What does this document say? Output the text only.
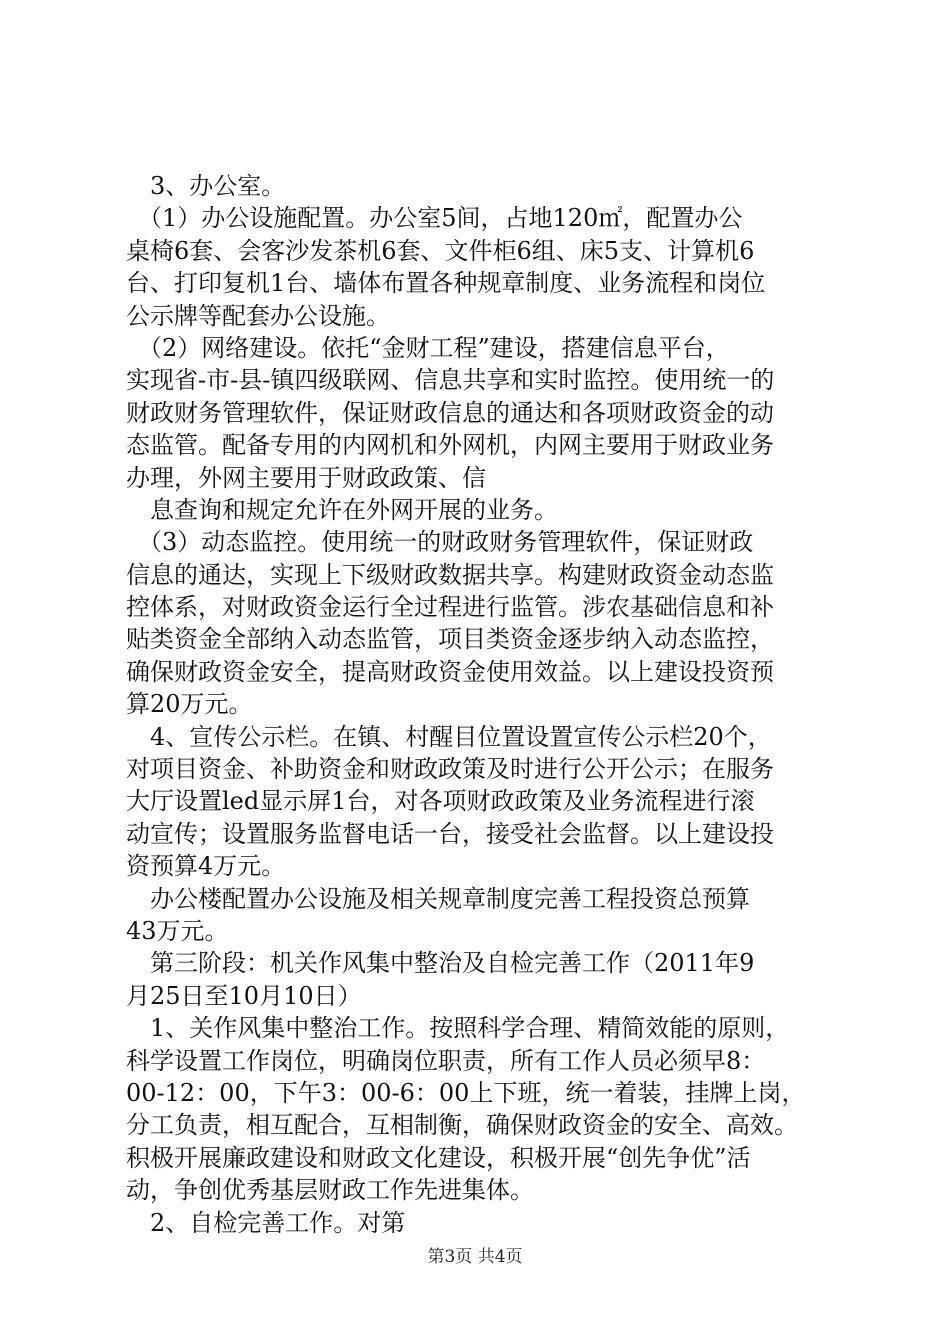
　3、办公室。
　（1）办公设施配置。办公室5间，占地120㎡，配置办公
桌椅6套、会客沙发茶机6套、文件柜6组、床5支、计算机6
台、打印复机1台、墙体布置各种规章制度、业务流程和岗位
公示牌等配套办公设施。
　（2）网络建设。依托“金财工程”建设，搭建信息平台，
实现省-市-县-镇四级联网、信息共享和实时监控。使用统一的
财政财务管理软件，保证财政信息的通达和各项财政资金的动
态监管。配备专用的内网机和外网机，内网主要用于财政业务
办理，外网主要用于财政政策、信
　息查询和规定允许在外网开展的业务。
　（3）动态监控。使用统一的财政财务管理软件，保证财政
信息的通达，实现上下级财政数据共享。构建财政资金动态监
控体系，对财政资金运行全过程进行监管。涉农基础信息和补
贴类资金全部纳入动态监管，项目类资金逐步纳入动态监控，
确保财政资金安全，提高财政资金使用效益。以上建设投资预
算20万元。
　4、宣传公示栏。在镇、村醒目位置设置宣传公示栏20个，
对项目资金、补助资金和财政政策及时进行公开公示；在服务
大厅设置led显示屏1台，对各项财政政策及业务流程进行滚
动宣传；设置服务监督电话一台，接受社会监督。以上建设投
资预算4万元。
　办公楼配置办公设施及相关规章制度完善工程投资总预算
43万元。
　第三阶段：机关作风集中整治及自检完善工作（2011年9
月25日至10月10日）
　1、关作风集中整治工作。按照科学合理、精简效能的原则，
科学设置工作岗位，明确岗位职责，所有工作人员必须早8：
00-12：00，下午3：00-6：00上下班，统一着装，挂牌上岗，
分工负责，相互配合，互相制衡，确保财政资金的安全、高效。
积极开展廉政建设和财政文化建设，积极开展“创先争优”活
动，争创优秀基层财政工作先进集体。
　2、自检完善工作。对第
第3页 共4页
